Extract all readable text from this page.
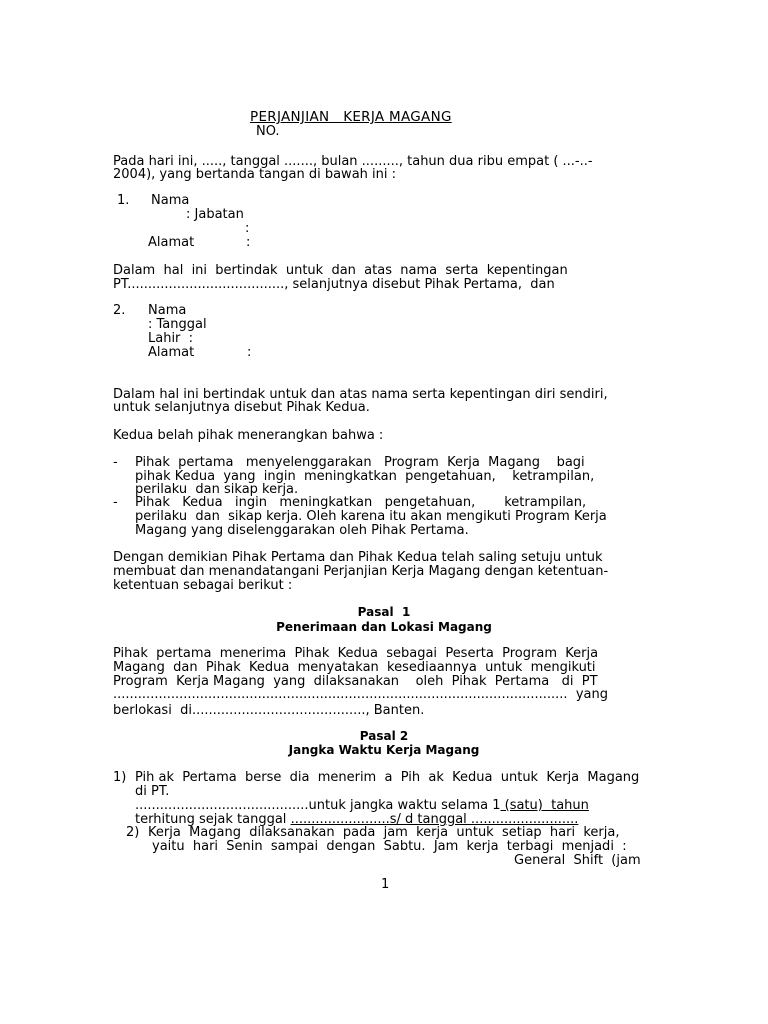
PERJANJIAN   KERJA MAGANG
NO.
Pada hari ini, ....., tanggal ......., bulan ........., tahun dua ribu empat ( ...-..-
2004), yang bertanda tangan di bawah ini :
1. Nama
: Jabatan
:
Alamat	:
Dalam  hal  ini  bertindak  untuk  dan  atas  nama  serta  kepentingan
PT......................................, selanjutnya disebut Pihak Pertama,  dan
2. Nama
: Tanggal
Lahir  :
Alamat	:
Dalam hal ini bertindak untuk dan atas nama serta kepentingan diri sendiri,
untuk selanjutnya disebut Pihak Kedua.
Kedua belah pihak menerangkan bahwa :
- Pihak  pertama   menyelenggarakan   Program  Kerja  Magang    bagi
pihak Kedua  yang  ingin  meningkatkan  pengetahuan,    ketrampilan,
perilaku  dan sikap kerja.
- Pihak   Kedua   ingin   meningkatkan   pengetahuan,       ketrampilan,
perilaku  dan  sikap kerja. Oleh karena itu akan mengikuti Program Kerja
Magang yang diselenggarakan oleh Pihak Pertama.
Dengan demikian Pihak Pertama dan Pihak Kedua telah saling setuju untuk
membuat dan menandatangani Perjanjian Kerja Magang dengan ketentuan-
ketentuan sebagai berikut :
Pasal  1
Penerimaan dan Lokasi Magang
Pihak  pertama  menerima  Pihak  Kedua  sebagai  Peserta  Program  Kerja
Magang  dan  Pihak  Kedua  menyatakan  kesediaannya  untuk  mengikuti
Program  Kerja Magang  yang  dilaksanakan    oleh  Pihak  Pertama   di  PT
..............................................................................................................  yang
berlokasi  di.........................................., Banten.
Pasal 2
Jangka Waktu Kerja Magang
1) Pih ak  Pertama  berse  dia  menerim  a  Pih  ak  Kedua  untuk  Kerja  Magang
di PT.
..........................................untuk jangka waktu selama 1 (satu)  tahun
terhitung sejak tanggal ........................s/ d tanggal ..........................
2) Kerja  Magang  dilaksanakan  pada  jam  kerja  untuk  setiap  hari  kerja,
yaitu  hari  Senin  sampai  dengan  Sabtu.  Jam  kerja  terbagi  menjadi  :
General  Shift  (jam
1
